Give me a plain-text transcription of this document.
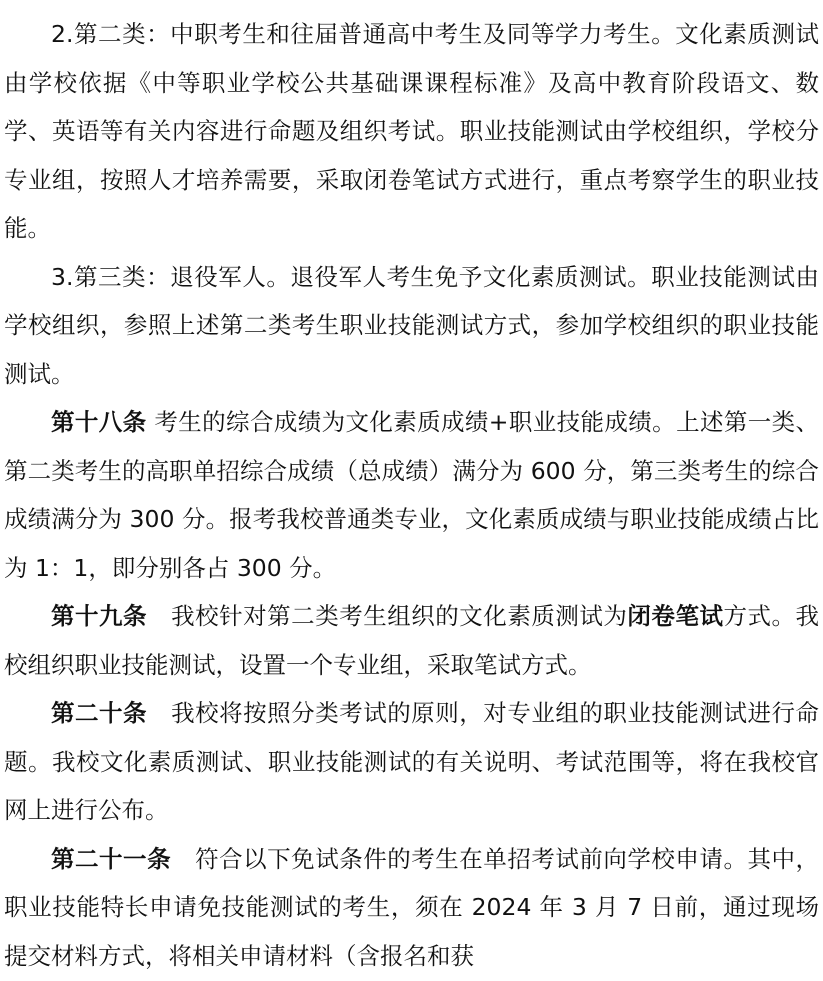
2.第二类：中职考生和往届普通高中考生及同等学力考生。文化素质测试由学校依据《中等职业学校公共基础课课程标准》及高中教育阶段语文、数学、英语等有关内容进行命题及组织考试。职业技能测试由学校组织，学校分专业组，按照人才培养需要，采取闭卷笔试方式进行，重点考察学生的职业技能。

3.第三类：退役军人。退役军人考生免予文化素质测试。职业技能测试由学校组织，参照上述第二类考生职业技能测试方式，参加学校组织的职业技能测试。

第十八条 考生的综合成绩为文化素质成绩+职业技能成绩。上述第一类、第二类考生的高职单招综合成绩（总成绩）满分为 600 分，第三类考生的综合成绩满分为 300 分。报考我校普通类专业，文化素质成绩与职业技能成绩占比为 1：1，即分别各占 300 分。

第十九条　我校针对第二类考生组织的文化素质测试为闭卷笔试方式。我校组织职业技能测试，设置一个专业组，采取笔试方式。

第二十条　我校将按照分类考试的原则，对专业组的职业技能测试进行命题。我校文化素质测试、职业技能测试的有关说明、考试范围等，将在我校官网上进行公布。

第二十一条　符合以下免试条件的考生在单招考试前向学校申请。其中，职业技能特长申请免技能测试的考生，须在 2024 年 3 月 7 日前，通过现场提交材料方式，将相关申请材料（含报名和获
